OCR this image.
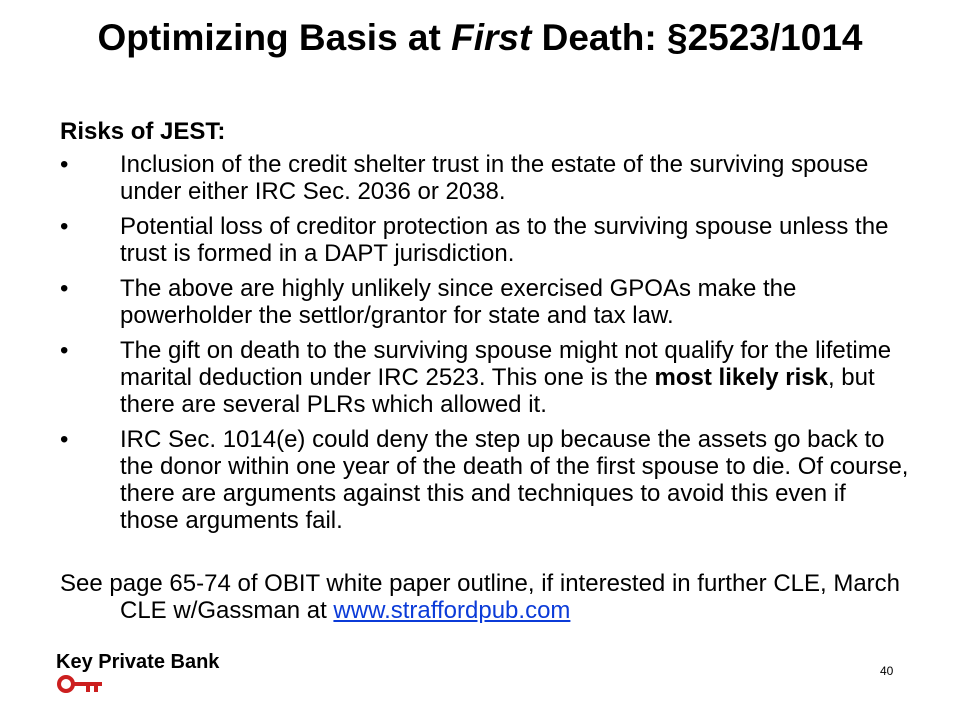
Optimizing Basis at First Death: §2523/1014
Risks of JEST:
• Inclusion of the credit shelter trust in the estate of the surviving spouse under either IRC Sec. 2036 or 2038.
• Potential loss of creditor protection as to the surviving spouse unless the trust is formed in a DAPT jurisdiction.
• The above are highly unlikely since exercised GPOAs make the powerholder the settlor/grantor for state and tax law.
• The gift on death to the surviving spouse might not qualify for the lifetime marital deduction under IRC 2523. This one is the most likely risk, but there are several PLRs which allowed it.
• IRC Sec. 1014(e) could deny the step up because the assets go back to the donor within one year of the death of the first spouse to die. Of course, there are arguments against this and techniques to avoid this even if those arguments fail.
See page 65-74 of OBIT white paper outline, if interested in further CLE, March CLE w/Gassman at www.straffordpub.com
Key Private Bank	40
